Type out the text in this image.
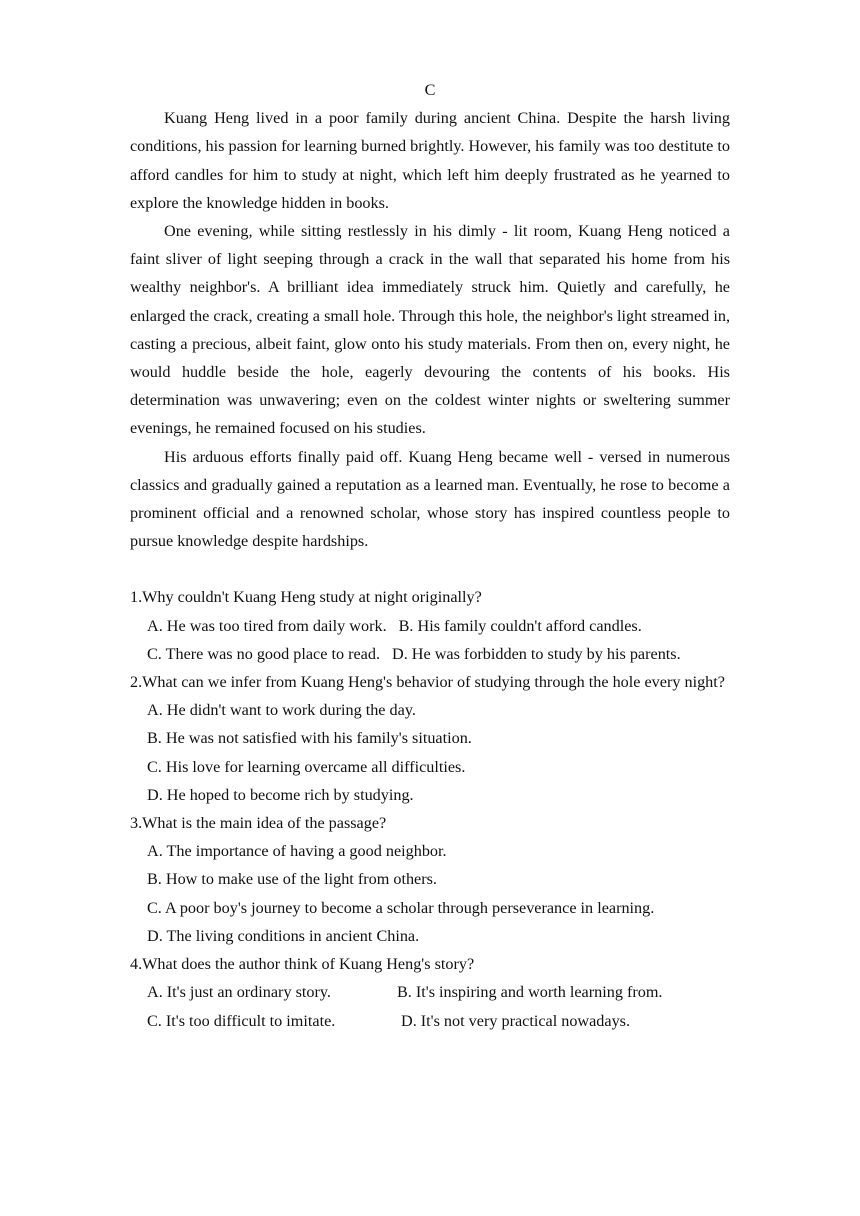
C

Kuang Heng lived in a poor family during ancient China. Despite the harsh living conditions, his passion for learning burned brightly. However, his family was too destitute to afford candles for him to study at night, which left him deeply frustrated as he yearned to explore the knowledge hidden in books.

One evening, while sitting restlessly in his dimly - lit room, Kuang Heng noticed a faint sliver of light seeping through a crack in the wall that separated his home from his wealthy neighbor's. A brilliant idea immediately struck him. Quietly and carefully, he enlarged the crack, creating a small hole. Through this hole, the neighbor's light streamed in, casting a precious, albeit faint, glow onto his study materials. From then on, every night, he would huddle beside the hole, eagerly devouring the contents of his books. His determination was unwavering; even on the coldest winter nights or sweltering summer evenings, he remained focused on his studies.

His arduous efforts finally paid off. Kuang Heng became well - versed in numerous classics and gradually gained a reputation as a learned man. Eventually, he rose to become a prominent official and a renowned scholar, whose story has inspired countless people to pursue knowledge despite hardships.

1.Why couldn't Kuang Heng study at night originally?

A. He was too tired from daily work. B. His family couldn't afford candles.

C. There was no good place to read. D. He was forbidden to study by his parents.

2.What can we infer from Kuang Heng's behavior of studying through the hole every night?

A. He didn't want to work during the day.

B. He was not satisfied with his family's situation.

C. His love for learning overcame all difficulties.

D. He hoped to become rich by studying.

3.What is the main idea of the passage?

A. The importance of having a good neighbor.

B. How to make use of the light from others.

C. A poor boy's journey to become a scholar through perseverance in learning.

D. The living conditions in ancient China.

4.What does the author think of Kuang Heng's story?

A. It's just an ordinary story.	B. It's inspiring and worth learning from.

C. It's too difficult to imitate.	D. It's not very practical nowadays.
